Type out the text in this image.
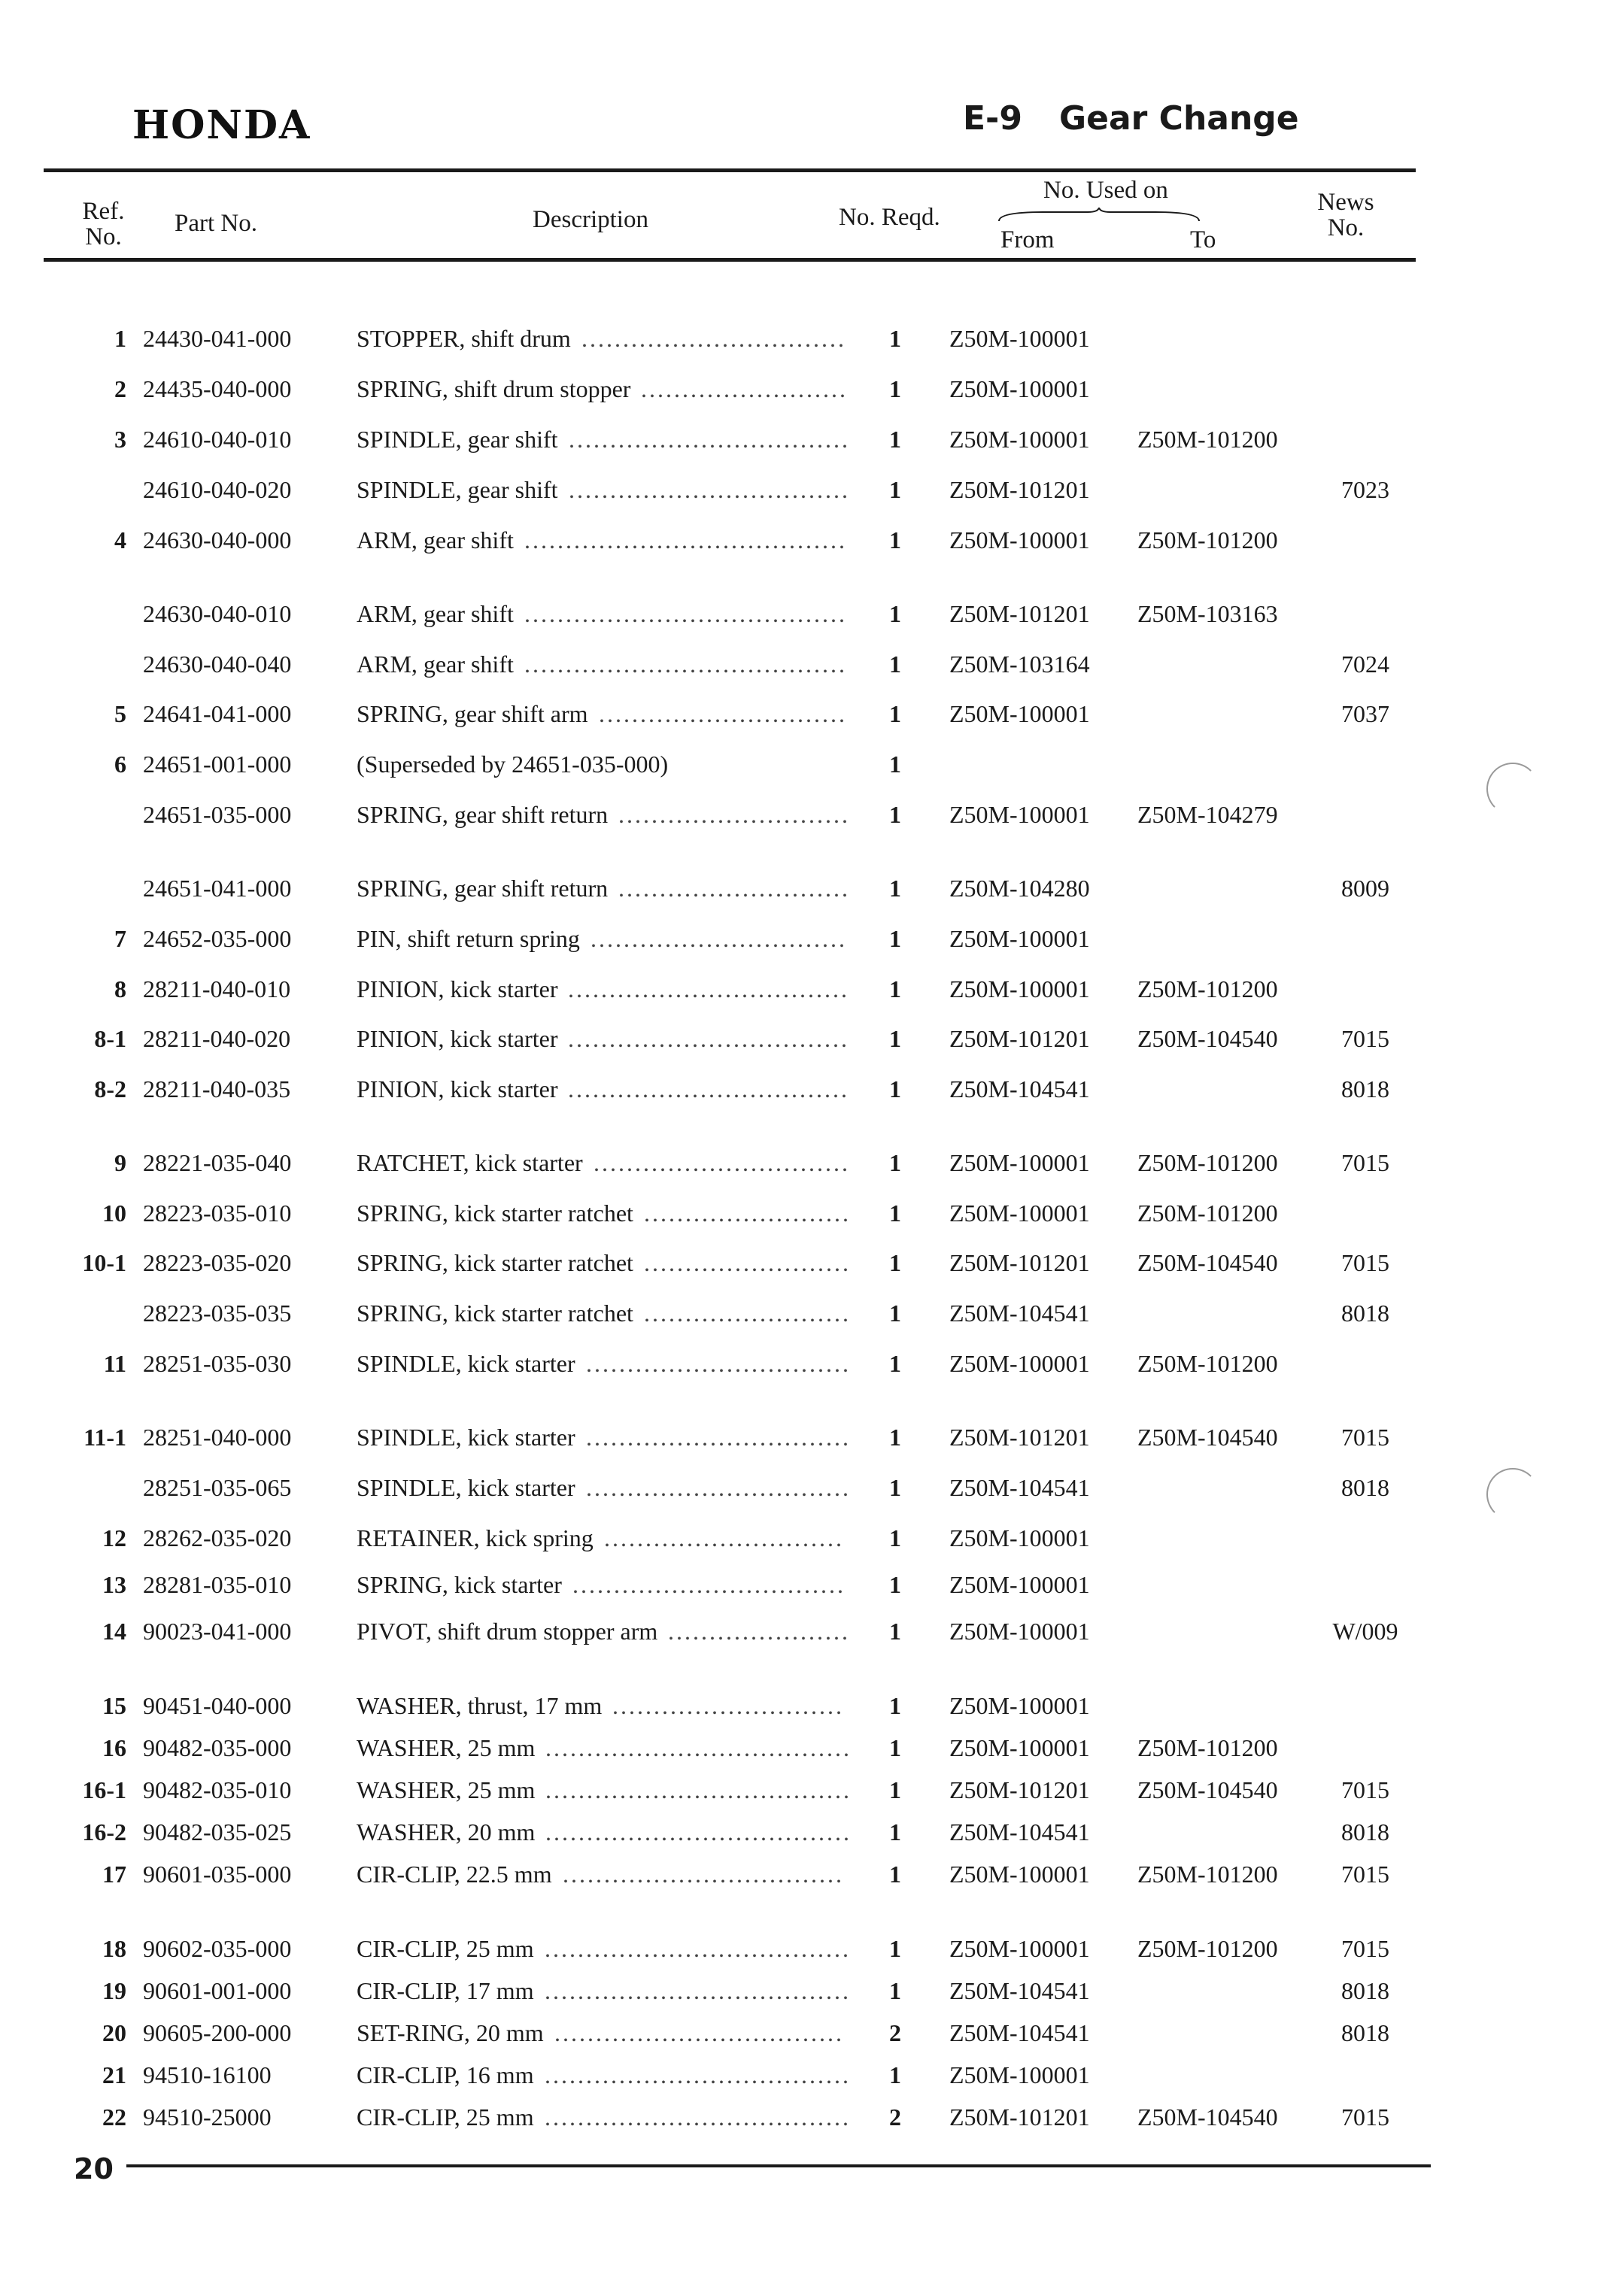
HONDA	E-9 Gear Change
Ref.
No.	Part No.	Description	No. Reqd.
No. Used on
From	To
News
No.
1 24430-041-000	STOPPER, shift drum	1	Z50M-100001
................................
2 24435-040-000	SPRING, shift drum stopper	1	Z50M-100001
.........................
3 24610-040-010	SPINDLE, gear shift	1	Z50M-100001 Z50M-101200
..................................
24610-040-020	SPINDLE, gear shift	1	Z50M-101201	7023
..................................
4 24630-040-000	ARM, gear shift	1	Z50M-100001 Z50M-101200
.......................................
24630-040-010	ARM, gear shift	1	Z50M-101201 Z50M-103163
.......................................
24630-040-040	ARM, gear shift	1	Z50M-103164	7024
.......................................
5 24641-041-000	SPRING, gear shift arm	1	Z50M-100001	7037
..............................
6 24651-001-000	(Superseded by 24651-035-000)	1
24651-035-000	SPRING, gear shift return	1	Z50M-100001 Z50M-104279
............................
24651-041-000	SPRING, gear shift return	1	Z50M-104280	8009
............................
7 24652-035-000	PIN, shift return spring	1	Z50M-100001
...............................
8 28211-040-010	PINION, kick starter	1	Z50M-100001 Z50M-101200
..................................
8-1 28211-040-020	PINION, kick starter	1	Z50M-101201 Z50M-104540	7015
..................................
8-2 28211-040-035	PINION, kick starter	1	Z50M-104541	8018
..................................
9 28221-035-040	RATCHET, kick starter	1	Z50M-100001 Z50M-101200	7015
...............................
10 28223-035-010	SPRING, kick starter ratchet	1	Z50M-100001 Z50M-101200
.........................
10-1 28223-035-020	SPRING, kick starter ratchet	1	Z50M-101201 Z50M-104540	7015
.........................
28223-035-035	SPRING, kick starter ratchet	1	Z50M-104541	8018
.........................
11 28251-035-030	SPINDLE, kick starter	1	Z50M-100001 Z50M-101200
................................
11-1 28251-040-000	SPINDLE, kick starter	1	Z50M-101201 Z50M-104540	7015
................................
28251-035-065	SPINDLE, kick starter	1	Z50M-104541	8018
................................
12 28262-035-020	RETAINER, kick spring	1	Z50M-100001
.............................
13 28281-035-010	SPRING, kick starter	1	Z50M-100001
.................................
14 90023-041-000	PIVOT, shift drum stopper arm	1	Z50M-100001	W/009
......................
15 90451-040-000	WASHER, thrust, 17 mm	1	Z50M-100001
............................
16 90482-035-000	WASHER, 25 mm	1	Z50M-100001 Z50M-101200
.....................................
16-1 90482-035-010	WASHER, 25 mm	1	Z50M-101201 Z50M-104540	7015
.....................................
16-2 90482-035-025	WASHER, 20 mm	1	Z50M-104541	8018
.....................................
17 90601-035-000	CIR-CLIP, 22.5 mm	1	Z50M-100001 Z50M-101200	7015
..................................
18 90602-035-000	CIR-CLIP, 25 mm	1	Z50M-100001 Z50M-101200	7015
.....................................
19 90601-001-000	CIR-CLIP, 17 mm	1	Z50M-104541	8018
.....................................
20 90605-200-000	SET-RING, 20 mm	2	Z50M-104541	8018
...................................
21 94510-16100	CIR-CLIP, 16 mm	1	Z50M-100001
.....................................
22 94510-25000	CIR-CLIP, 25 mm	2	Z50M-101201 Z50M-104540	7015
.....................................
20
